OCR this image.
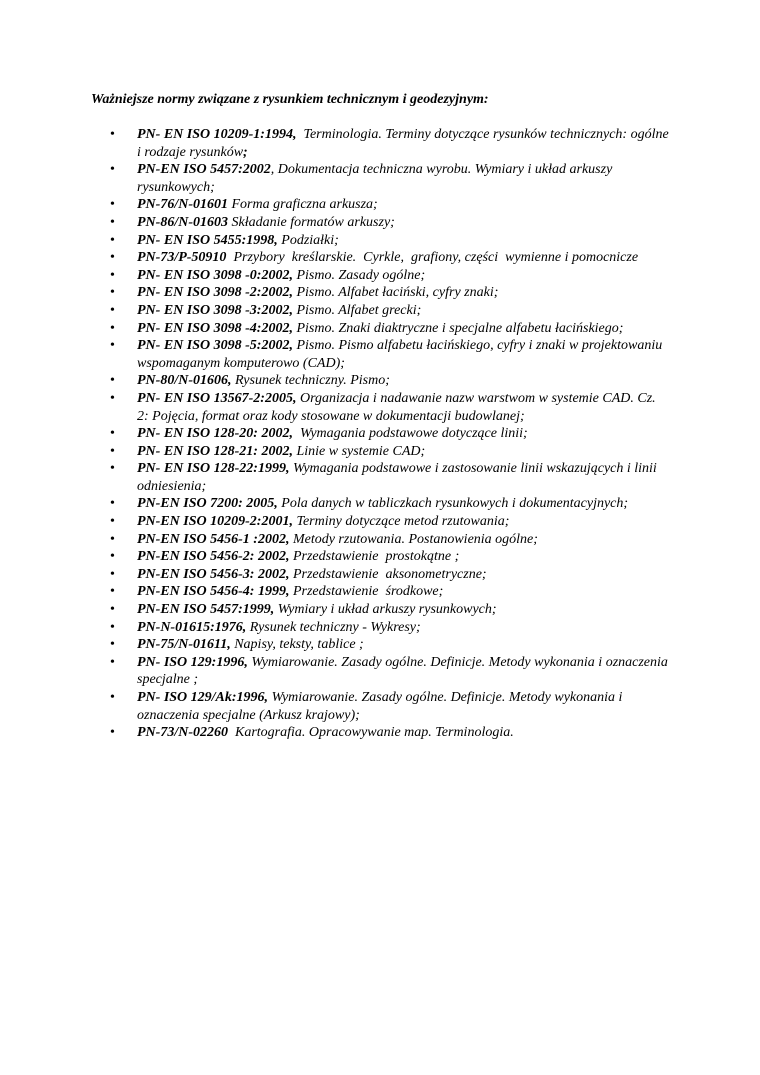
Ważniejsze normy związane z rysunkiem technicznym i geodezyjnym:
• PN- EN ISO 10209-1:1994,  Terminologia. Terminy dotyczące rysunków technicznych: ogólne i rodzaje rysunków;
• PN-EN ISO 5457:2002, Dokumentacja techniczna wyrobu. Wymiary i układ arkuszy rysunkowych;
• PN-76/N-01601 Forma graficzna arkusza;
• PN-86/N-01603 Składanie formatów arkuszy;
• PN- EN ISO 5455:1998, Podziałki;
• PN-73/P-50910  Przybory  kreślarskie.  Cyrkle,  grafiony, części  wymienne i pomocnicze
• PN- EN ISO 3098 -0:2002, Pismo. Zasady ogólne;
• PN- EN ISO 3098 -2:2002, Pismo. Alfabet łaciński, cyfry znaki;
• PN- EN ISO 3098 -3:2002, Pismo. Alfabet grecki;
• PN- EN ISO 3098 -4:2002, Pismo. Znaki diaktryczne i specjalne alfabetu łacińskiego;
• PN- EN ISO 3098 -5:2002, Pismo. Pismo alfabetu łacińskiego, cyfry i znaki w projektowaniu wspomaganym komputerowo (CAD);
• PN-80/N-01606, Rysunek techniczny. Pismo;
• PN- EN ISO 13567-2:2005, Organizacja i nadawanie nazw warstwom w systemie CAD. Cz. 2: Pojęcia, format oraz kody stosowane w dokumentacji budowlanej;
• PN- EN ISO 128-20: 2002,  Wymagania podstawowe dotyczące linii;
• PN- EN ISO 128-21: 2002, Linie w systemie CAD;
• PN- EN ISO 128-22:1999, Wymagania podstawowe i zastosowanie linii wskazujących i linii    odniesienia;
• PN-EN ISO 7200: 2005, Pola danych w tabliczkach rysunkowych i dokumentacyjnych;
• PN-EN ISO 10209-2:2001, Terminy dotyczące metod rzutowania;
• PN-EN ISO 5456-1 :2002, Metody rzutowania. Postanowienia ogólne;
• PN-EN ISO 5456-2: 2002, Przedstawienie  prostokątne ;
• PN-EN ISO 5456-3: 2002, Przedstawienie  aksonometryczne;
• PN-EN ISO 5456-4: 1999, Przedstawienie  środkowe;
• PN-EN ISO 5457:1999, Wymiary i układ arkuszy rysunkowych;
• PN-N-01615:1976, Rysunek techniczny - Wykresy;
• PN-75/N-01611, Napisy, teksty, tablice ;
• PN- ISO 129:1996, Wymiarowanie. Zasady ogólne. Definicje. Metody wykonania i oznaczenia specjalne ;
• PN- ISO 129/Ak:1996, Wymiarowanie. Zasady ogólne. Definicje. Metody wykonania i oznaczenia specjalne (Arkusz krajowy);
• PN-73/N-02260  Kartografia. Opracowywanie map. Terminologia.
